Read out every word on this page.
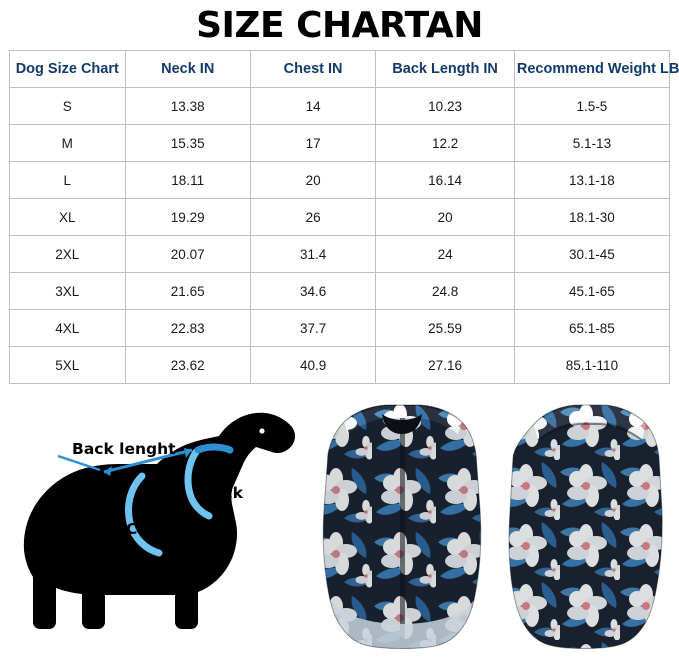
SIZE CHARTAN
Dog Size Chart	Neck IN	Chest IN	Back Length IN	Recommend Weight LB
S	13.38	14	10.23	1.5-5
M	15.35	17	12.2	5.1-13
L	18.11	20	16.14	13.1-18
XL	19.29	26	20	18.1-30
2XL	20.07	31.4	24	30.1-45
3XL	21.65	34.6	24.8	45.1-65
4XL	22.83	37.7	25.59	65.1-85
5XL	23.62	40.9	27.16	85.1-110
Back lenght
Neck
Chest
